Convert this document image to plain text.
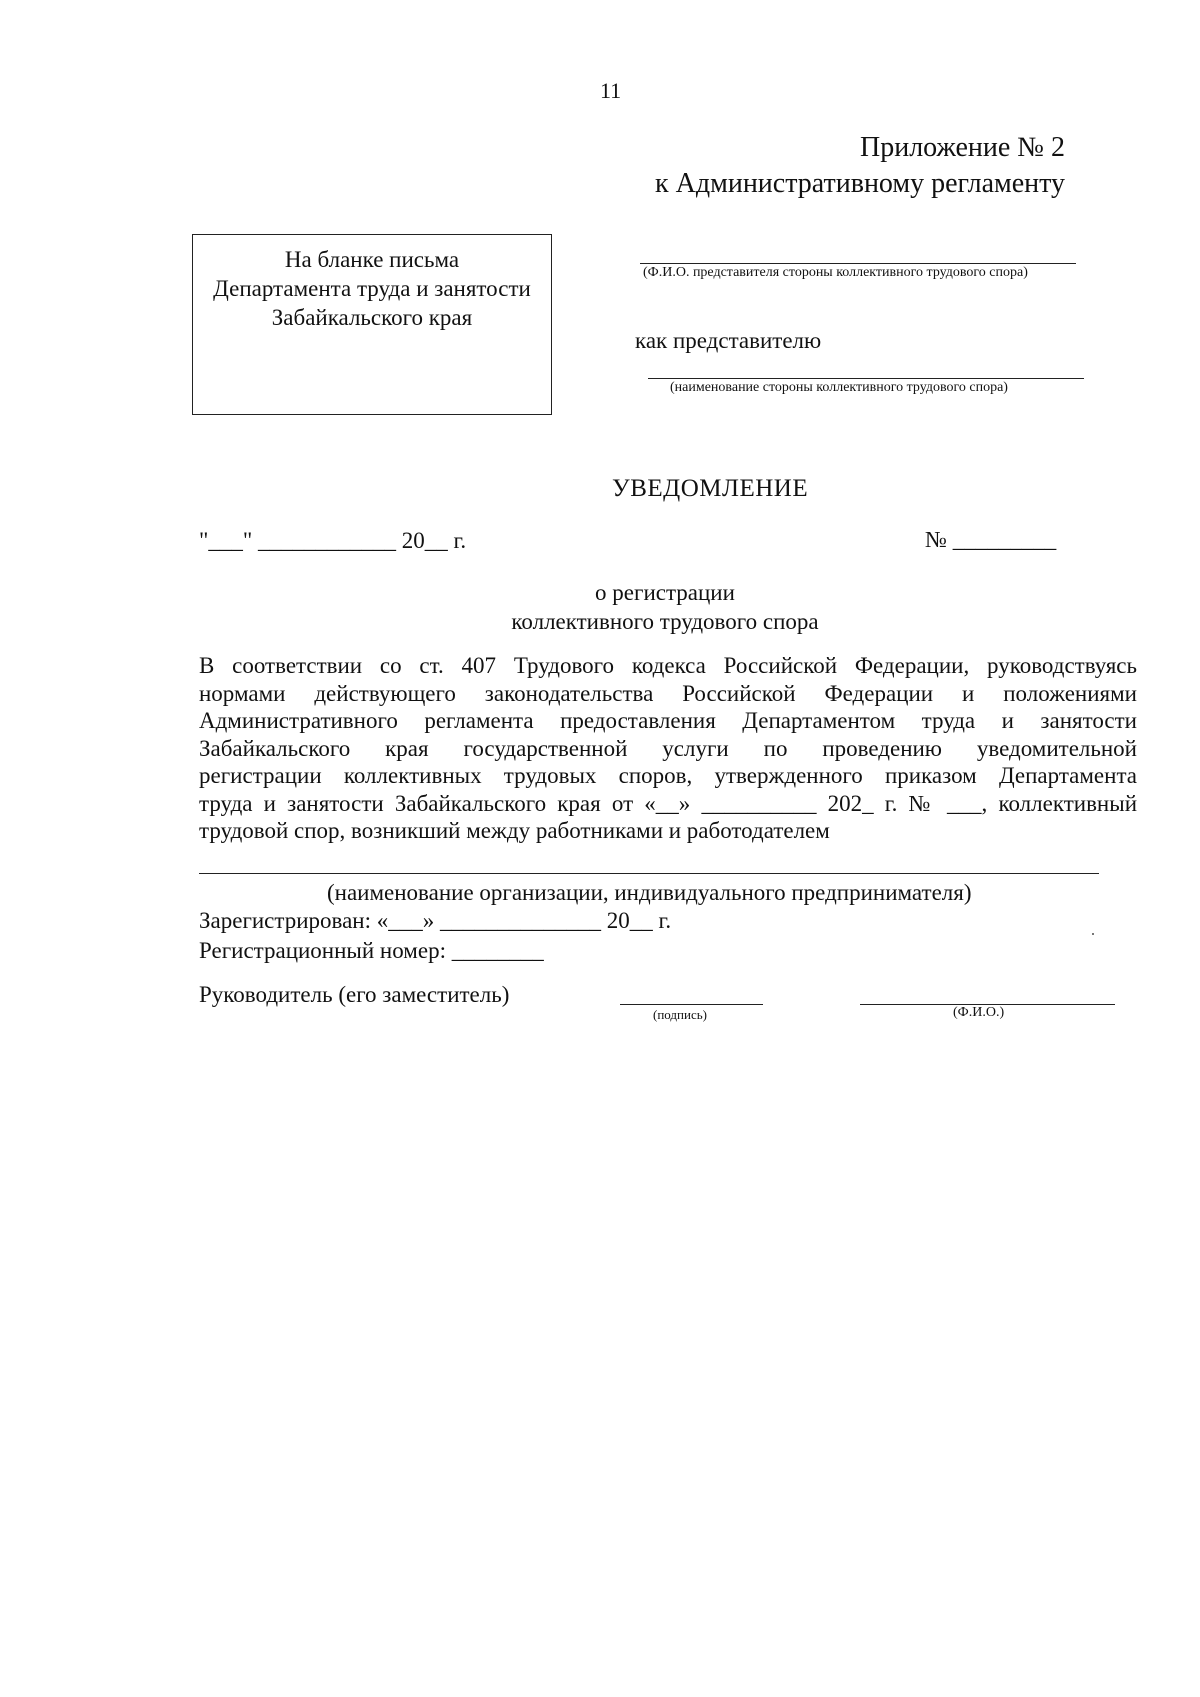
11
Приложение № 2
к Административному регламенту
На бланке письма
Департамента труда и занятости
Забайкальского края
(Ф.И.О. представителя стороны коллективного трудового спора)
как представителю
(наименование стороны коллективного трудового спора)
УВЕДОМЛЕНИЕ
"___" ____________ 20__ г.	№ _________
о регистрации
коллективного трудового спора
В соответствии со ст. 407 Трудового кодекса Российской Федерации, руководствуясь
нормами действующего законодательства Российской Федерации и положениями
Административного регламента предоставления Департаментом труда и занятости
Забайкальского края государственной услуги по проведению уведомительной
регистрации коллективных трудовых споров, утвержденного приказом Департамента
труда и занятости Забайкальского края от «__» __________ 202_ г. № ___, коллективный
трудовой спор, возникший между работниками и работодателем
(наименование организации, индивидуального предпринимателя)
Зарегистрирован: «___» ______________ 20__ г.
Регистрационный номер: ________
Руководитель (его заместитель)
(подпись)	(Ф.И.О.)
